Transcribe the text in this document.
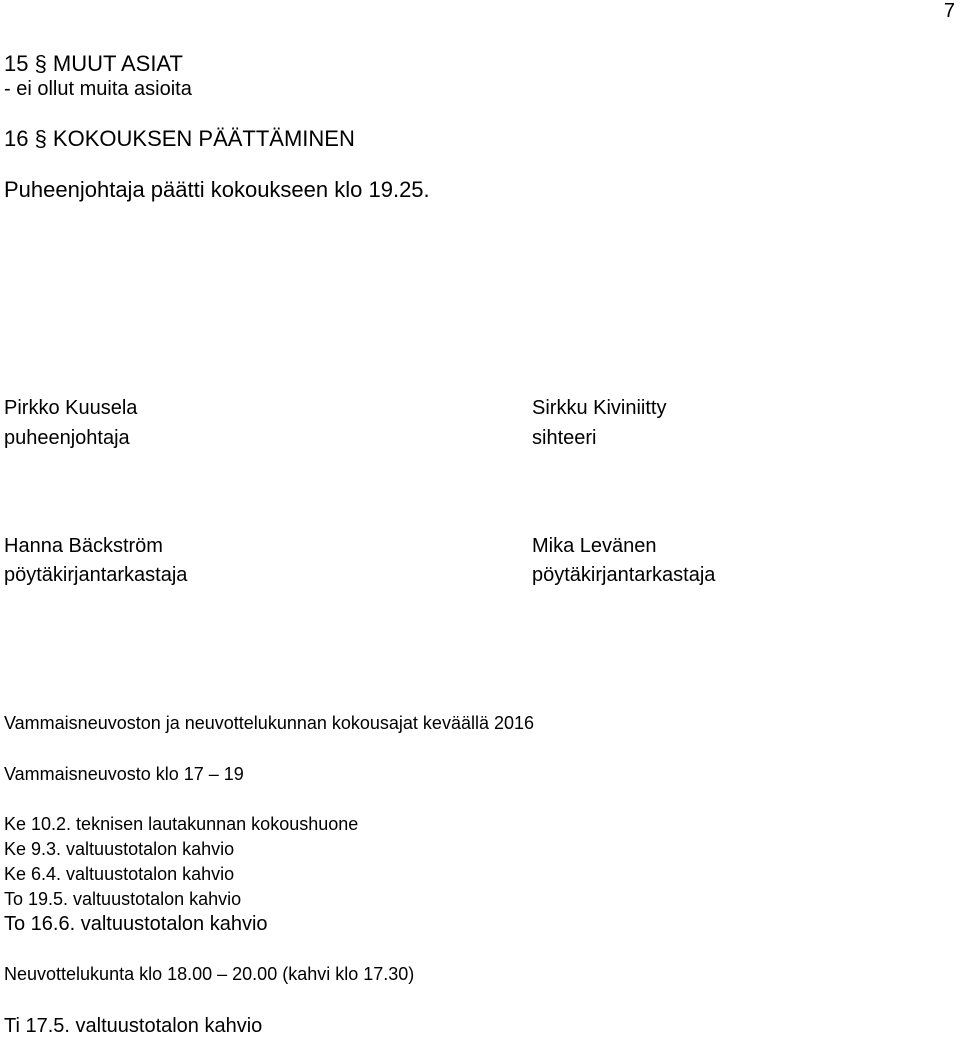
7
15 § MUUT ASIAT
- ei ollut muita asioita
16 § KOKOUKSEN PÄÄTTÄMINEN
Puheenjohtaja päätti kokoukseen klo 19.25.
Pirkko Kuusela
puheenjohtaja
Sirkku Kiviniitty
sihteeri
Hanna Bäckström
pöytäkirjantarkastaja
Mika Levänen
pöytäkirjantarkastaja
Vammaisneuvoston ja neuvottelukunnan kokousajat keväällä 2016
Vammaisneuvosto klo 17 – 19
Ke 10.2. teknisen lautakunnan kokoushuone
Ke 9.3. valtuustotalon kahvio
Ke 6.4. valtuustotalon kahvio
To 19.5. valtuustotalon kahvio
To 16.6. valtuustotalon kahvio
Neuvottelukunta klo 18.00 – 20.00 (kahvi klo 17.30)
Ti 17.5. valtuustotalon kahvio
